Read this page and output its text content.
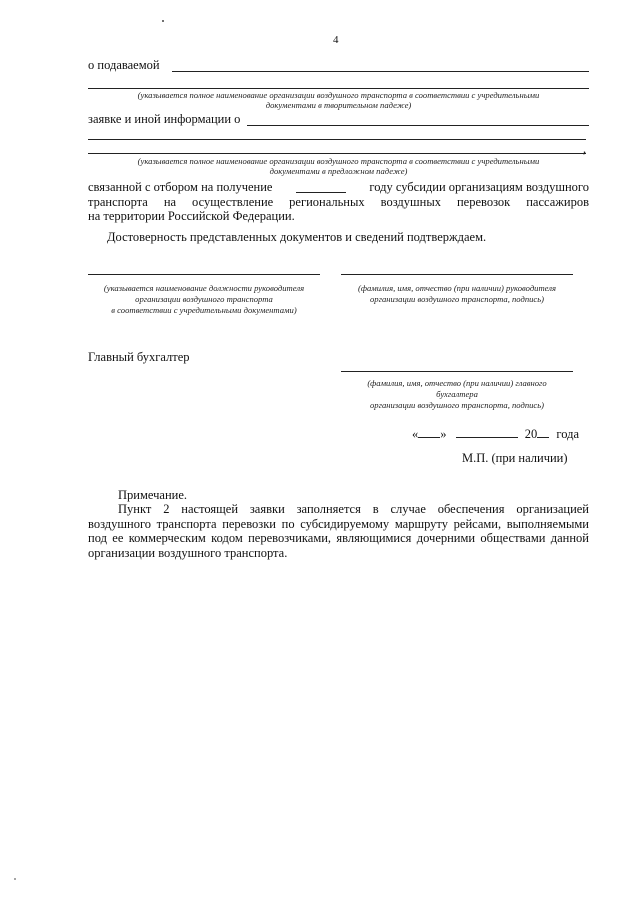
4
о подаваемой
(указывается полное наименование организации воздушного транспорта в соответствии с учредительными
документами в творительном падеже)
заявке и иной информации о
,
(указывается полное наименование организации воздушного транспорта в соответствии с учредительными
документами в предложном падеже)
связанной с отбором на получение	году субсидии организациям воздушного
транспорта на осуществление региональных воздушных перевозок пассажиров
на территории Российской Федерации.
Достоверность представленных документов и сведений подтверждаем.
(указывается наименование должности руководителя
организации воздушного транспорта
в соответствии с учредительными документами)
(фамилия, имя, отчество (при наличии) руководителя
организации воздушного транспорта, подпись)
Главный бухгалтер
(фамилия, имя, отчество (при наличии) главного
бухгалтера
организации воздушного транспорта, подпись)
« »	20 года
М.П. (при наличии)
Примечание.
Пункт 2 настоящей заявки заполняется в случае обеспечения организацией
воздушного транспорта перевозки по субсидируемому маршруту рейсами, выполняемыми
под ее коммерческим кодом перевозчиками, являющимися дочерними обществами данной
организации воздушного транспорта.
